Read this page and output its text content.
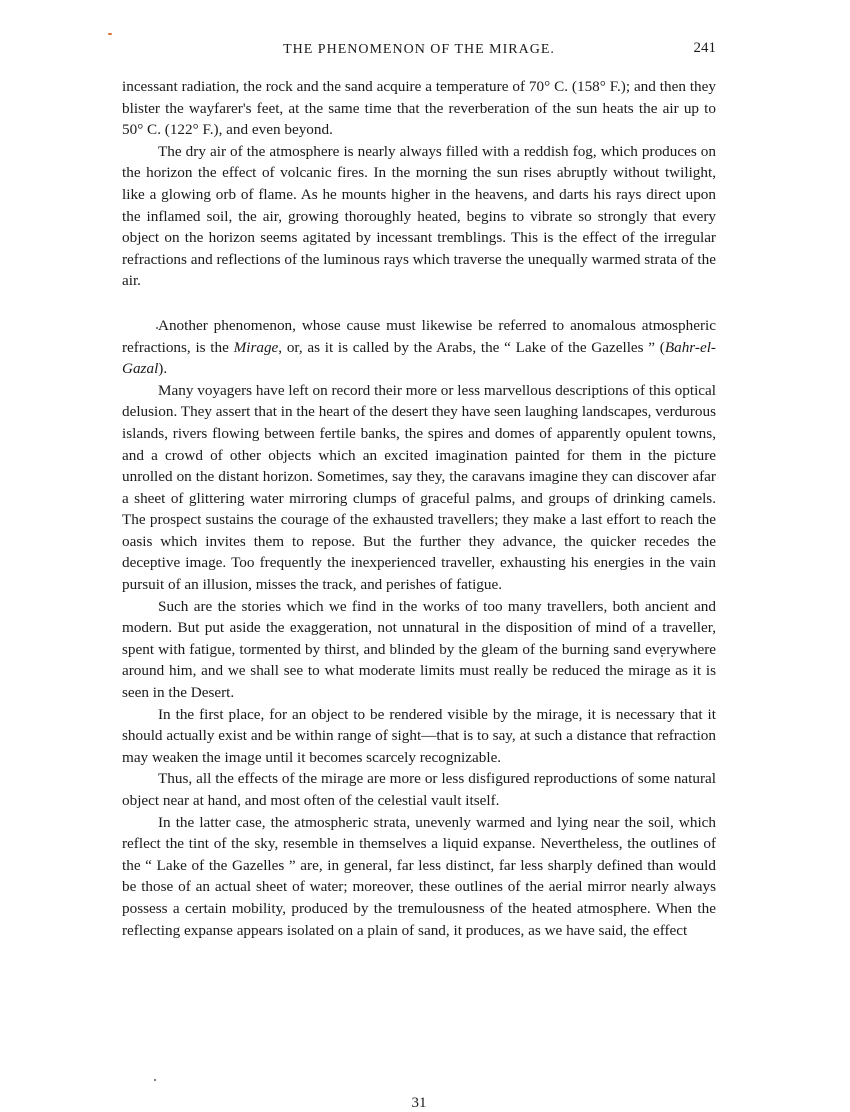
THE PHENOMENON OF THE MIRAGE.	241

incessant radiation, the rock and the sand acquire a temperature of 70° C. (158° F.); and then they blister the wayfarer's feet, at the same time that the reverberation of the sun heats the air up to 50° C. (122° F.), and even beyond.

The dry air of the atmosphere is nearly always filled with a reddish fog, which produces on the horizon the effect of volcanic fires. In the morning the sun rises abruptly without twilight, like a glowing orb of flame. As he mounts higher in the heavens, and darts his rays direct upon the inflamed soil, the air, growing thoroughly heated, begins to vibrate so strongly that every object on the horizon seems agitated by incessant tremblings. This is the effect of the irregular refractions and reflections of the luminous rays which traverse the unequally warmed strata of the air.

Another phenomenon, whose cause must likewise be referred to anomalous atmospheric refractions, is the Mirage, or, as it is called by the Arabs, the “ Lake of the Gazelles ” (Bahr-el-Gazal).

Many voyagers have left on record their more or less marvellous descriptions of this optical delusion. They assert that in the heart of the desert they have seen laughing landscapes, verdurous islands, rivers flowing between fertile banks, the spires and domes of apparently opulent towns, and a crowd of other objects which an excited imagination painted for them in the picture unrolled on the distant horizon. Sometimes, say they, the caravans imagine they can discover afar a sheet of glittering water mirroring clumps of graceful palms, and groups of drinking camels. The prospect sustains the courage of the exhausted travellers; they make a last effort to reach the oasis which invites them to repose. But the further they advance, the quicker recedes the deceptive image. Too frequently the inexperienced traveller, exhausting his energies in the vain pursuit of an illusion, misses the track, and perishes of fatigue.

Such are the stories which we find in the works of too many travellers, both ancient and modern. But put aside the exaggeration, not unnatural in the disposition of mind of a traveller, spent with fatigue, tormented by thirst, and blinded by the gleam of the burning sand everywhere around him, and we shall see to what moderate limits must really be reduced the mirage as it is seen in the Desert.

In the first place, for an object to be rendered visible by the mirage, it is necessary that it should actually exist and be within range of sight—that is to say, at such a distance that refraction may weaken the image until it becomes scarcely recognizable.

Thus, all the effects of the mirage are more or less disfigured reproductions of some natural object near at hand, and most often of the celestial vault itself.

In the latter case, the atmospheric strata, unevenly warmed and lying near the soil, which reflect the tint of the sky, resemble in themselves a liquid expanse. Nevertheless, the outlines of the “ Lake of the Gazelles ” are, in general, far less distinct, far less sharply defined than would be those of an actual sheet of water; moreover, these outlines of the aerial mirror nearly always possess a certain mobility, produced by the tremulousness of the heated atmosphere. When the reflecting expanse appears isolated on a plain of sand, it produces, as we have said, the effect

31
